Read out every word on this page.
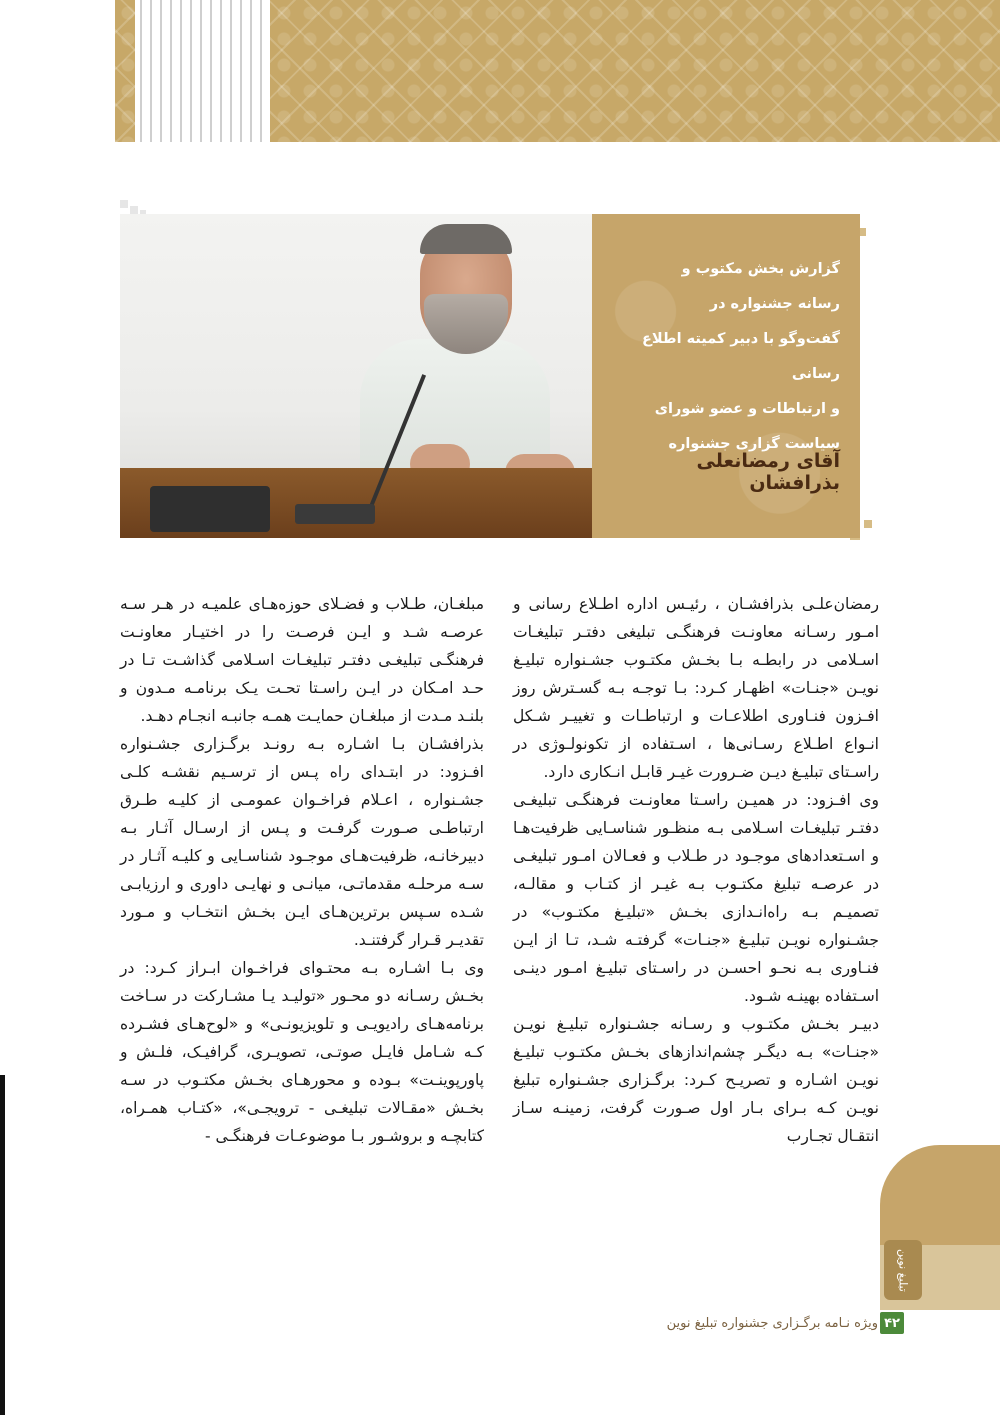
گزارش بخش مکتوب و
رسانه جشنواره در
گفت‌وگو با دبیر کمیته اطلاع رسانی
و ارتباطات و عضو شورای
سیاست گزاری جشنواره
آقای رمضانعلی بذرافشان

رمضان‌علـی بذرافشـان ، رئیـس اداره اطـلاع رسانی و امـور رسـانه معاونـت فرهنگـی تبلیغی دفتـر تبلیغـات اسـلامی در رابطـه بـا بخـش مکتـوب جشـنواره تبلیـغ نویـن «جنـات» اظهـار کـرد: بـا توجـه بـه گسـترش روز افـزون فنـاوری اطلاعـات و ارتباطـات و تغییـر شـکل انـواع اطـلاع رسـانی‌ها ، اسـتفاده از تکونولـوژی در راسـتای تبلیـغ دیـن ضـرورت غیـر قابـل انـکاری دارد.

وی افـزود: در همیـن راسـتا معاونـت فرهنگـی تبلیغـی دفتـر تبلیغـات اسـلامی بـه منظـور شناسـایی ظرفیت‌هـا و اسـتعدادهای موجـود در طـلاب و فعـالان امـور تبلیغـی در عرصـه تبلیغ مکتـوب بـه غیـر از کتـاب و مقالـه، تصمیـم بـه راه‌انـدازی بخـش «تبلیـغ مکتـوب» در جشـنواره نویـن تبلیـغ «جنـات» گرفتـه شـد، تـا از ایـن فنـاوری بـه نحـو احسـن در راسـتای تبلیـغ امـور دینـی اسـتفاده بهینـه شـود.

دبیـر بخـش مکتـوب و رسـانه جشـنواره تبلیـغ نویـن «جنـات» بـه دیگـر چشم‌اندازهای بخـش مکتـوب تبلیـغ نویـن اشـاره و تصریـح کـرد: برگـزاری جشـنواره تبلیغ نویـن کـه بـرای بـار اول صـورت گرفت، زمینـه سـاز انتقـال تجـارب

مبلغـان، طـلاب و فضـلای حوزه‌هـای علمیـه در هـر سـه عرصـه شـد و ایـن فرصـت را در اختیـار معاونـت فرهنگـی تبلیغـی دفتـر تبلیغـات اسـلامی گذاشـت تـا در حـد امـکان در ایـن راسـتا تحـت یـک برنامـه مـدون و بلنـد مـدت از مبلغـان حمایـت همـه جانبـه انجـام دهـد.

بذرافشـان بـا اشـاره بـه رونـد برگـزاری جشـنواره افـزود: در ابتـدای راه پـس از ترسـیم نقشـه کلـی جشـنواره ، اعـلام فراخـوان عمومـی از کلیـه طـرق ارتباطـی صـورت گرفـت و پـس از ارسـال آثـار بـه دبیرخانـه، ظرفیت‌هـای موجـود شناسـایی و کلیـه آثـار در سـه مرحلـه مقدماتـی، میانـی و نهایـی داوری و ارزیابـی شـده سـپس برترین‌هـای ایـن بخـش انتخـاب و مـورد تقدیـر قـرار گرفتنـد.

وی بـا اشـاره بـه محتـوای فراخـوان ابـراز کـرد: در بخـش رسـانه دو محـور «تولیـد یـا مشـارکت در سـاخت برنامه‌هـای رادیویـی و تلویزیونـی» و «لوح‌هـای فشـرده کـه شـامل فایـل صوتـی، تصویـری، گرافیـک، فلـش و پاورپوینـت» بـوده و محورهـای بخـش مکتـوب در سـه بخـش «مقـالات تبلیغـی - ترویجـی»، «کتـاب همـراه، کتابچـه و بروشـور بـا موضوعـات فرهنگـی -

تبلیغ نوین
۴۲
ویژه نـامه برگـزاری جشنواره تبلیغ نوین
